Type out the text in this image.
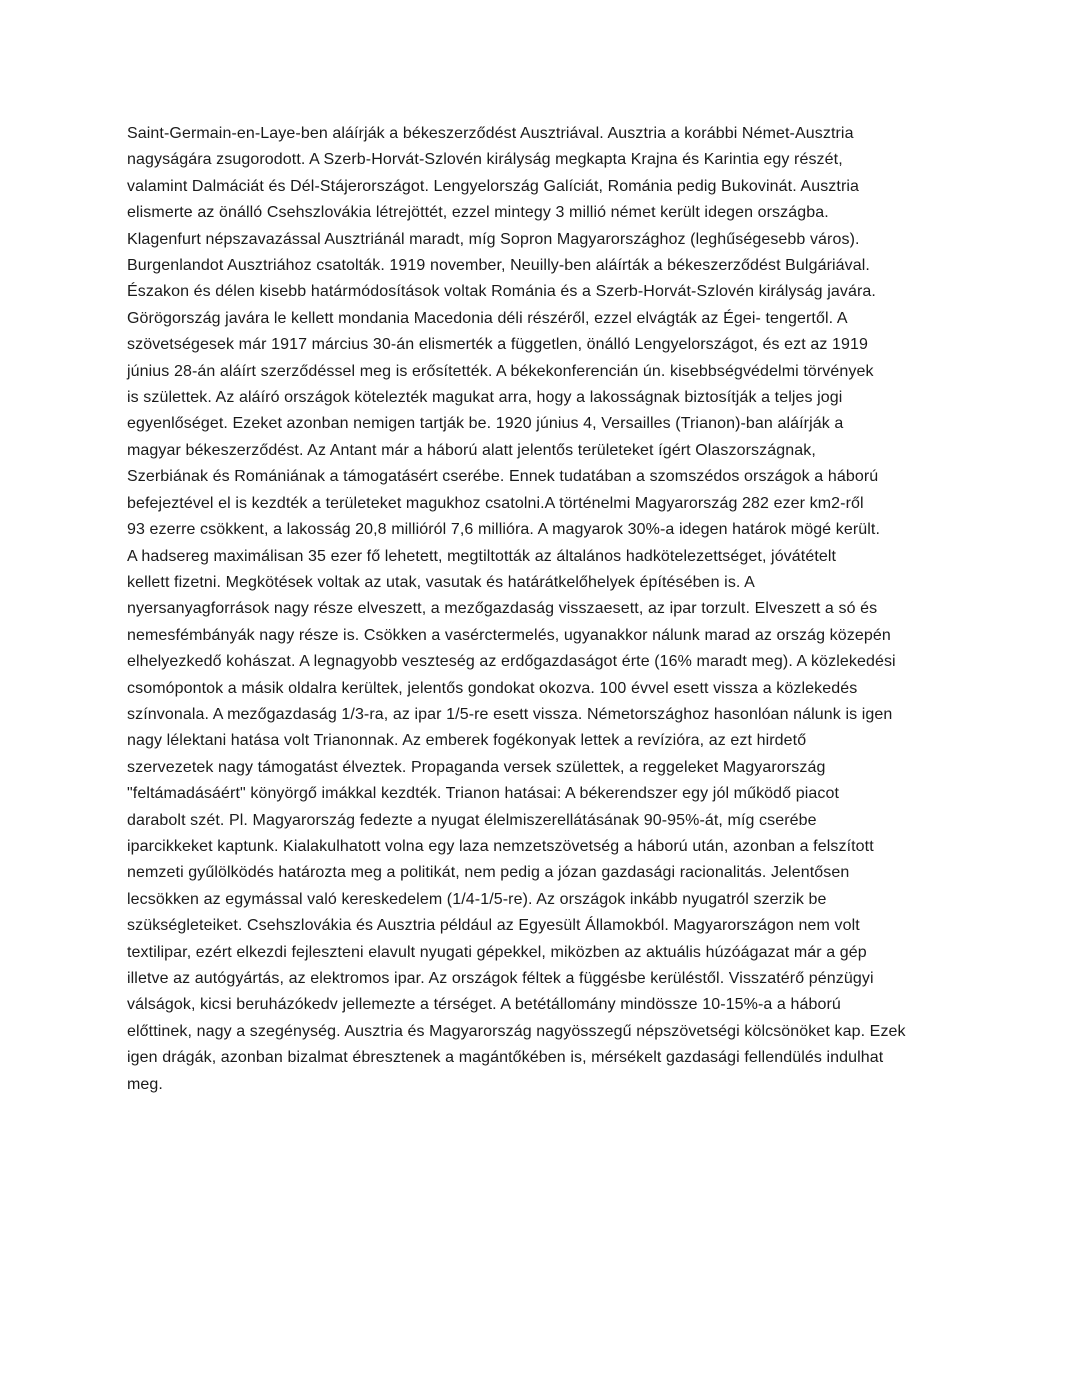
Saint-Germain-en-Laye-ben aláírják a békeszerződést Ausztriával. Ausztria a korábbi Német-Ausztria
nagyságára zsugorodott. A Szerb-Horvát-Szlovén királyság megkapta Krajna és Karintia egy részét,
valamint Dalmáciát és Dél-Stájerországot. Lengyelország Galíciát, Románia pedig Bukovinát. Ausztria
elismerte az önálló Csehszlovákia létrejöttét, ezzel mintegy 3 millió német került idegen országba.
Klagenfurt népszavazással Ausztriánál maradt, míg Sopron Magyarországhoz (leghűségesebb város).
Burgenlandot Ausztriához csatolták. 1919 november, Neuilly-ben aláírták a békeszerződést Bulgáriával.
Északon és délen kisebb határmódosítások voltak Románia és a Szerb-Horvát-Szlovén királyság javára.
Görögország javára le kellett mondania Macedonia déli részéről, ezzel elvágták az Égei- tengertől. A
szövetségesek már 1917 március 30-án elismerték a független, önálló Lengyelországot, és ezt az 1919
június 28-án aláírt szerződéssel meg is erősítették. A békekonferencián ún. kisebbségvédelmi törvények
is születtek. Az aláíró országok kötelezték magukat arra, hogy a lakosságnak biztosítják a teljes jogi
egyenlőséget. Ezeket azonban nemigen tartják be. 1920 június 4, Versailles (Trianon)-ban aláírják a
magyar békeszerződést. Az Antant már a háború alatt jelentős területeket ígért Olaszországnak,
Szerbiának és Romániának a támogatásért cserébe. Ennek tudatában a szomszédos országok a háború
befejeztével el is kezdték a területeket magukhoz csatolni.A történelmi Magyarország 282 ezer km2-ről
93 ezerre csökkent, a lakosság 20,8 millióról 7,6 millióra. A magyarok 30%-a idegen határok mögé került.
A hadsereg maximálisan 35 ezer fő lehetett, megtiltották az általános hadkötelezettséget, jóvátételt
kellett fizetni. Megkötések voltak az utak, vasutak és határátkelőhelyek építésében is. A
nyersanyagforrások nagy része elveszett, a mezőgazdaság visszaesett, az ipar torzult. Elveszett a só és
nemesfémbányák nagy része is. Csökken a vasérctermelés, ugyanakkor nálunk marad az ország közepén
elhelyezkedő kohászat. A legnagyobb veszteség az erdőgazdaságot érte (16% maradt meg). A közlekedési
csomópontok a másik oldalra kerültek, jelentős gondokat okozva. 100 évvel esett vissza a közlekedés
színvonala. A mezőgazdaság 1/3-ra, az ipar 1/5-re esett vissza. Németországhoz hasonlóan nálunk is igen
nagy lélektani hatása volt Trianonnak. Az emberek fogékonyak lettek a revízióra, az ezt hirdető
szervezetek nagy támogatást élveztek. Propaganda versek születtek, a reggeleket Magyarország
"feltámadásáért" könyörgő imákkal kezdték. Trianon hatásai: A békerendszer egy jól működő piacot
darabolt szét. Pl. Magyarország fedezte a nyugat élelmiszerellátásának 90-95%-át, míg cserébe
iparcikkeket kaptunk. Kialakulhatott volna egy laza nemzetszövetség a háború után, azonban a felszított
nemzeti gyűlölködés határozta meg a politikát, nem pedig a józan gazdasági racionalitás. Jelentősen
lecsökken az egymással való kereskedelem (1/4-1/5-re). Az országok inkább nyugatról szerzik be
szükségleteiket. Csehszlovákia és Ausztria például az Egyesült Államokból. Magyarországon nem volt
textilipar, ezért elkezdi fejleszteni elavult nyugati gépekkel, miközben az aktuális húzóágazat már a gép
illetve az autógyártás, az elektromos ipar. Az országok féltek a függésbe kerüléstől. Visszatérő pénzügyi
válságok, kicsi beruházókedv jellemezte a térséget. A betétállomány mindössze 10-15%-a a háború
előttinek, nagy a szegénység. Ausztria és Magyarország nagyösszegű népszövetségi kölcsönöket kap. Ezek
igen drágák, azonban bizalmat ébresztenek a magántőkében is, mérsékelt gazdasági fellendülés indulhat
meg.
